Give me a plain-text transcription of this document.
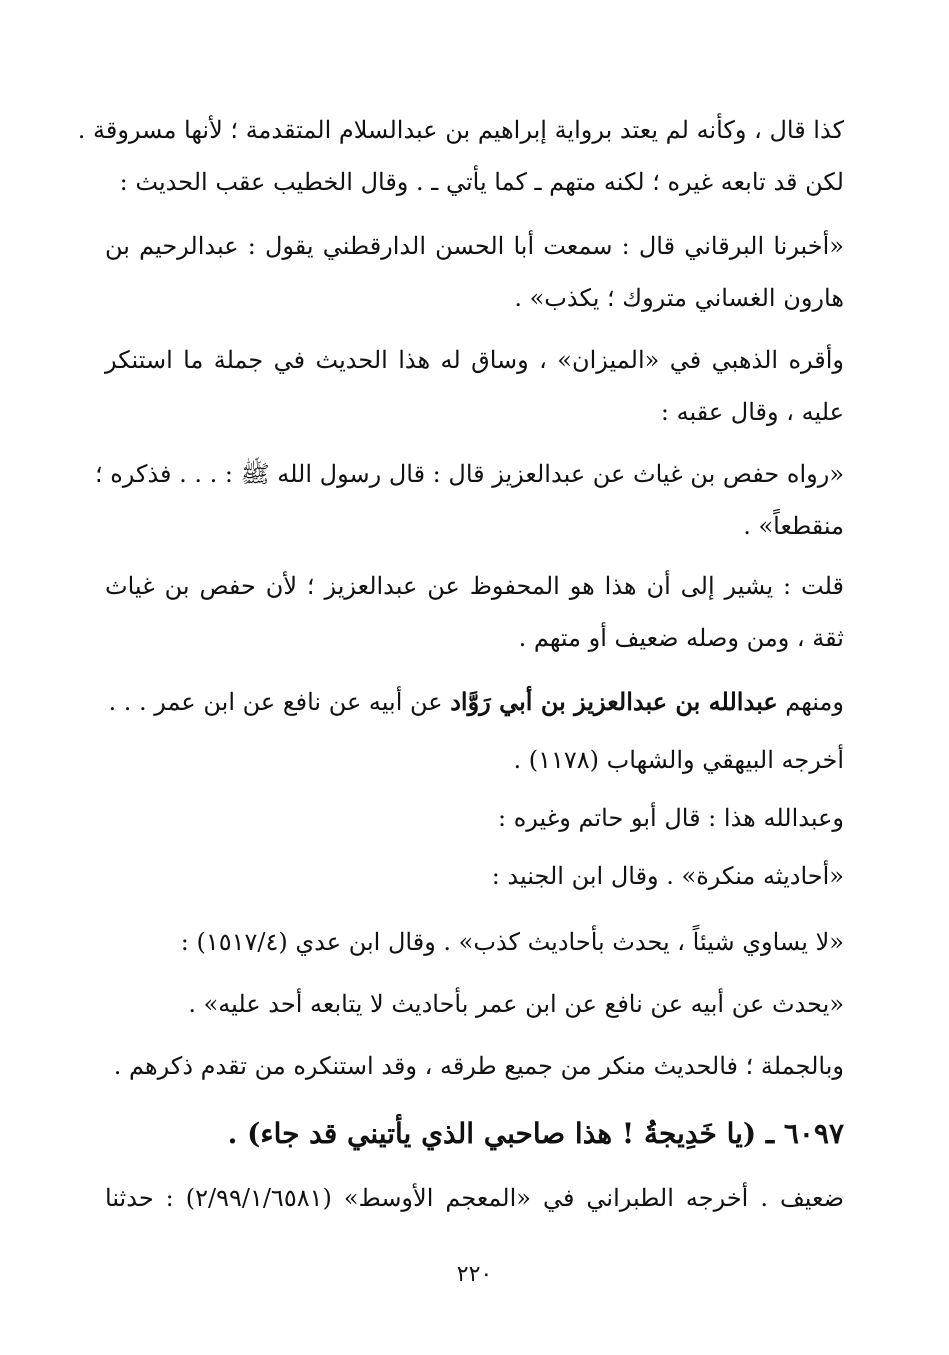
كذا قال ، وكأنه لم يعتد برواية إبراهيم بن عبدالسلام المتقدمة ؛ لأنها مسروقة .
لكن قد تابعه غيره ؛ لكنه متهم ـ كما يأتي ـ . وقال الخطيب عقب الحديث :
«أخبرنا البرقاني قال : سمعت أبا الحسن الدارقطني يقول : عبدالرحيم بن
هارون الغساني متروك ؛ يكذب» .
وأقره الذهبي في «الميزان» ، وساق له هذا الحديث في جملة ما استنكر
عليه ، وقال عقبه :
«رواه حفص بن غياث عن عبدالعزيز قال : قال رسول الله ﷺ : . . . فذكره ؛
منقطعاً» .
قلت : يشير إلى أن هذا هو المحفوظ عن عبدالعزيز ؛ لأن حفص بن غياث
ثقة ، ومن وصله ضعيف أو متهم .
ومنهم عبدالله بن عبدالعزيز بن أبي رَوَّاد عن أبيه عن نافع عن ابن عمر . . .
أخرجه البيهقي والشهاب (١١٧٨) .
وعبدالله هذا : قال أبو حاتم وغيره :
«أحاديثه منكرة» . وقال ابن الجنيد :
«لا يساوي شيئاً ، يحدث بأحاديث كذب» . وقال ابن عدي (١٥١٧/٤) :
«يحدث عن أبيه عن نافع عن ابن عمر بأحاديث لا يتابعه أحد عليه» .
وبالجملة ؛ فالحديث منكر من جميع طرقه ، وقد استنكره من تقدم ذكرهم .
٦٠٩٧ ـ (يا خَدِيجةُ ! هذا صاحبي الذي يأتيني قد جاء) .
ضعيف . أخرجه الطبراني في «المعجم الأوسط» (٢/٩٩/١/٦٥٨١) : حدثنا
٢٢٠
